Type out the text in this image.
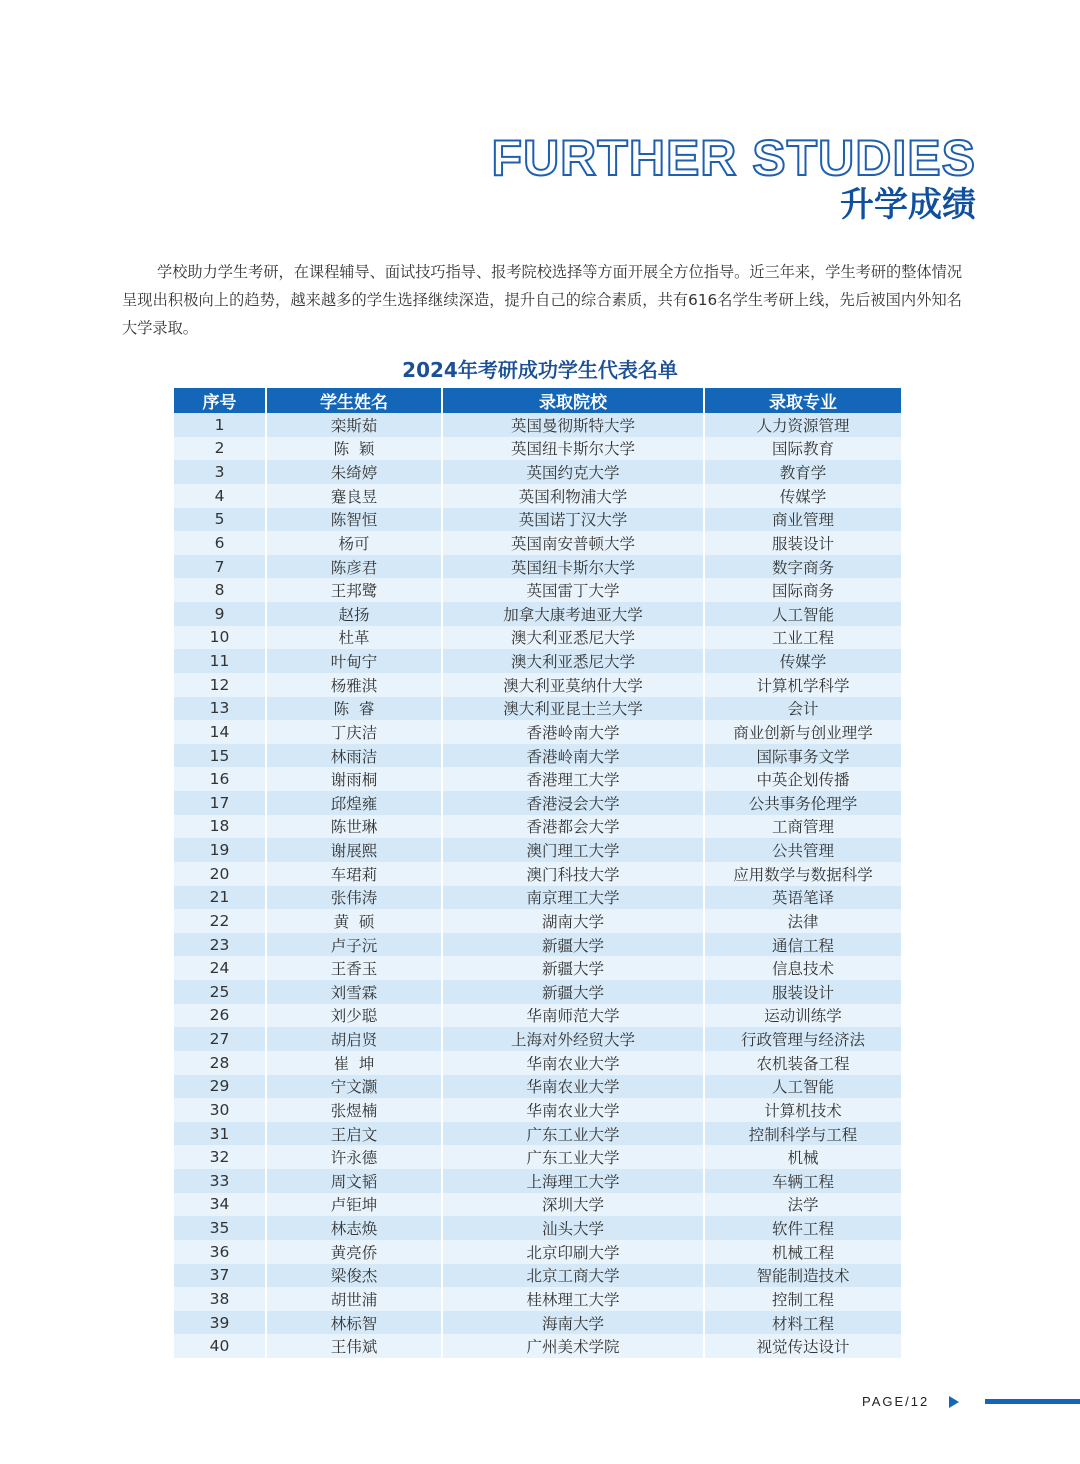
FURTHER STUDIES
升学成绩

学校助力学生考研，在课程辅导、面试技巧指导、报考院校选择等方面开展全方位指导。近三年来，学生考研的整体情况呈现出积极向上的趋势，越来越多的学生选择继续深造，提升自己的综合素质，共有616名学生考研上线，先后被国内外知名大学录取。

2024年考研成功学生代表名单
序号	学生姓名	录取院校	录取专业
1	栾斯茹	英国曼彻斯特大学	人力资源管理
2	陈  颖	英国纽卡斯尔大学	国际教育
3	朱绮婷	英国约克大学	教育学
4	蹇良昱	英国利物浦大学	传媒学
5	陈智恒	英国诺丁汉大学	商业管理
6	杨可	英国南安普顿大学	服装设计
7	陈彦君	英国纽卡斯尔大学	数字商务
8	王邦鹭	英国雷丁大学	国际商务
9	赵扬	加拿大康考迪亚大学	人工智能
10	杜革	澳大利亚悉尼大学	工业工程
11	叶甸宁	澳大利亚悉尼大学	传媒学
12	杨雅淇	澳大利亚莫纳什大学	计算机学科学
13	陈  睿	澳大利亚昆士兰大学	会计
14	丁庆洁	香港岭南大学	商业创新与创业理学
15	林雨洁	香港岭南大学	国际事务文学
16	谢雨桐	香港理工大学	中英企划传播
17	邱煌雍	香港浸会大学	公共事务伦理学
18	陈世琳	香港都会大学	工商管理
19	谢展熙	澳门理工大学	公共管理
20	车珺莉	澳门科技大学	应用数学与数据科学
21	张伟涛	南京理工大学	英语笔译
22	黄  硕	湖南大学	法律
23	卢子沅	新疆大学	通信工程
24	王香玉	新疆大学	信息技术
25	刘雪霖	新疆大学	服装设计
26	刘少聪	华南师范大学	运动训练学
27	胡启贤	上海对外经贸大学	行政管理与经济法
28	崔  坤	华南农业大学	农机装备工程
29	宁文灏	华南农业大学	人工智能
30	张煜楠	华南农业大学	计算机技术
31	王启文	广东工业大学	控制科学与工程
32	许永德	广东工业大学	机械
33	周文韬	上海理工大学	车辆工程
34	卢钜坤	深圳大学	法学
35	林志焕	汕头大学	软件工程
36	黄亮侨	北京印刷大学	机械工程
37	梁俊杰	北京工商大学	智能制造技术
38	胡世浦	桂林理工大学	控制工程
39	林标智	海南大学	材料工程
40	王伟斌	广州美术学院	视觉传达设计
PAGE/12
